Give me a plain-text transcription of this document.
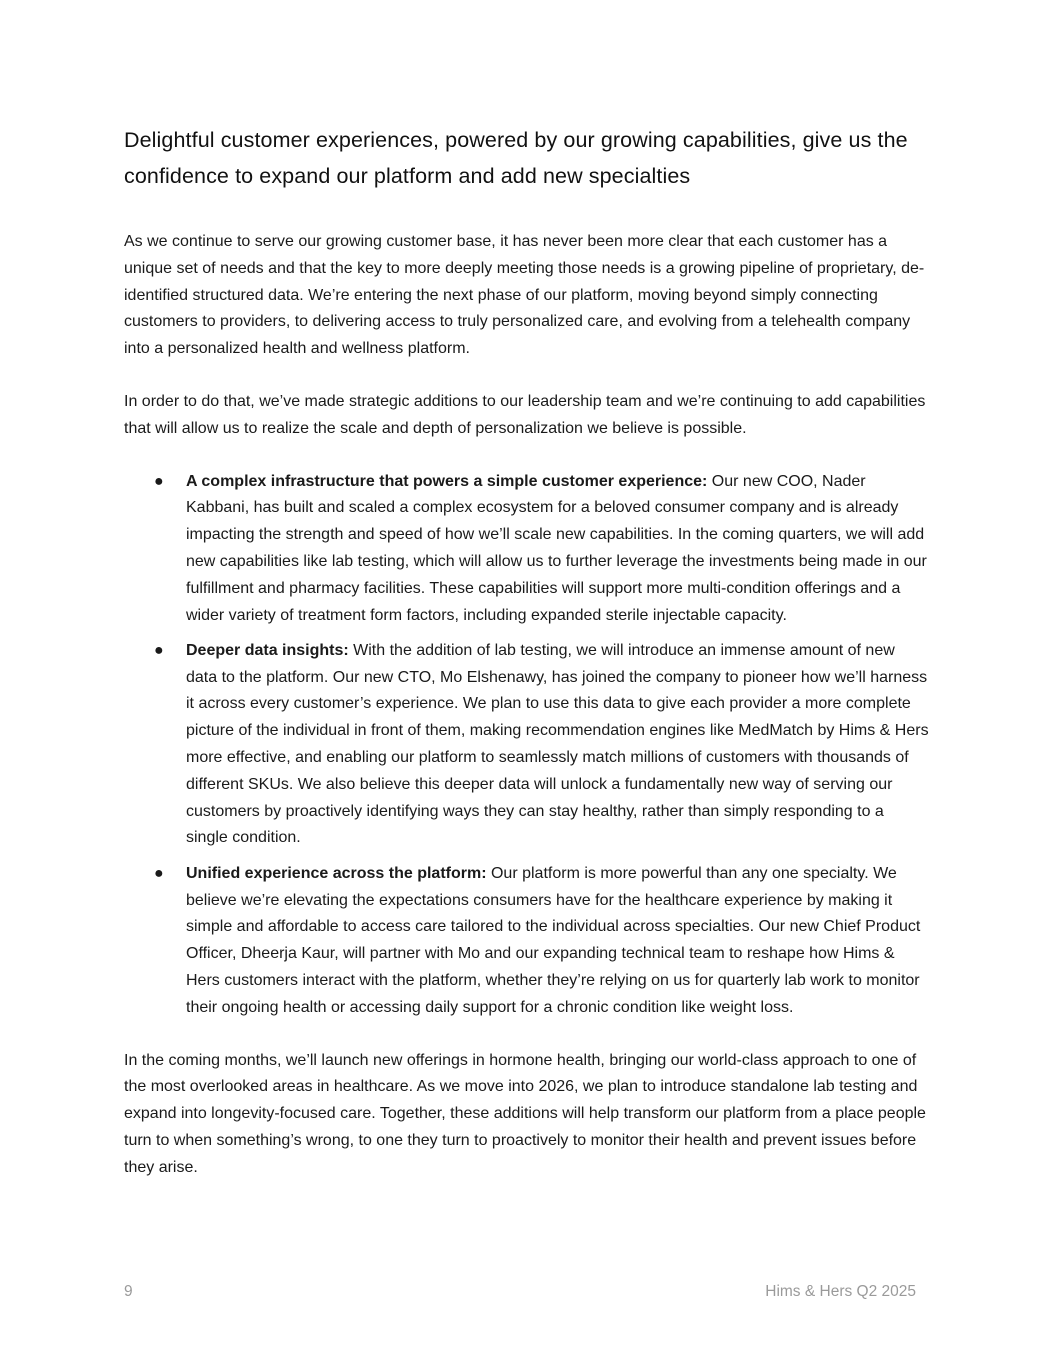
Delightful customer experiences, powered by our growing capabilities, give us the confidence to expand our platform and add new specialties

As we continue to serve our growing customer base, it has never been more clear that each customer has a unique set of needs and that the key to more deeply meeting those needs is a growing pipeline of proprietary, de-identified structured data. We’re entering the next phase of our platform, moving beyond simply connecting customers to providers, to delivering access to truly personalized care, and evolving from a telehealth company into a personalized health and wellness platform.

In order to do that, we’ve made strategic additions to our leadership team and we’re continuing to add capabilities that will allow us to realize the scale and depth of personalization we believe is possible.

● A complex infrastructure that powers a simple customer experience: Our new COO, Nader Kabbani, has built and scaled a complex ecosystem for a beloved consumer company and is already impacting the strength and speed of how we’ll scale new capabilities. In the coming quarters, we will add new capabilities like lab testing, which will allow us to further leverage the investments being made in our fulfillment and pharmacy facilities. These capabilities will support more multi-condition offerings and a wider variety of treatment form factors, including expanded sterile injectable capacity.
● Deeper data insights: With the addition of lab testing, we will introduce an immense amount of new data to the platform. Our new CTO, Mo Elshenawy, has joined the company to pioneer how we’ll harness it across every customer’s experience. We plan to use this data to give each provider a more complete picture of the individual in front of them, making recommendation engines like MedMatch by Hims & Hers more effective, and enabling our platform to seamlessly match millions of customers with thousands of different SKUs. We also believe this deeper data will unlock a fundamentally new way of serving our customers by proactively identifying ways they can stay healthy, rather than simply responding to a single condition.
● Unified experience across the platform: Our platform is more powerful than any one specialty. We believe we’re elevating the expectations consumers have for the healthcare experience by making it simple and affordable to access care tailored to the individual across specialties. Our new Chief Product Officer, Dheerja Kaur, will partner with Mo and our expanding technical team to reshape how Hims & Hers customers interact with the platform, whether they’re relying on us for quarterly lab work to monitor their ongoing health or accessing daily support for a chronic condition like weight loss.

In the coming months, we’ll launch new offerings in hormone health, bringing our world-class approach to one of the most overlooked areas in healthcare. As we move into 2026, we plan to introduce standalone lab testing and expand into longevity-focused care. Together, these additions will help transform our platform from a place people turn to when something’s wrong, to one they turn to proactively to monitor their health and prevent issues before they arise.

9	Hims & Hers Q2 2025
